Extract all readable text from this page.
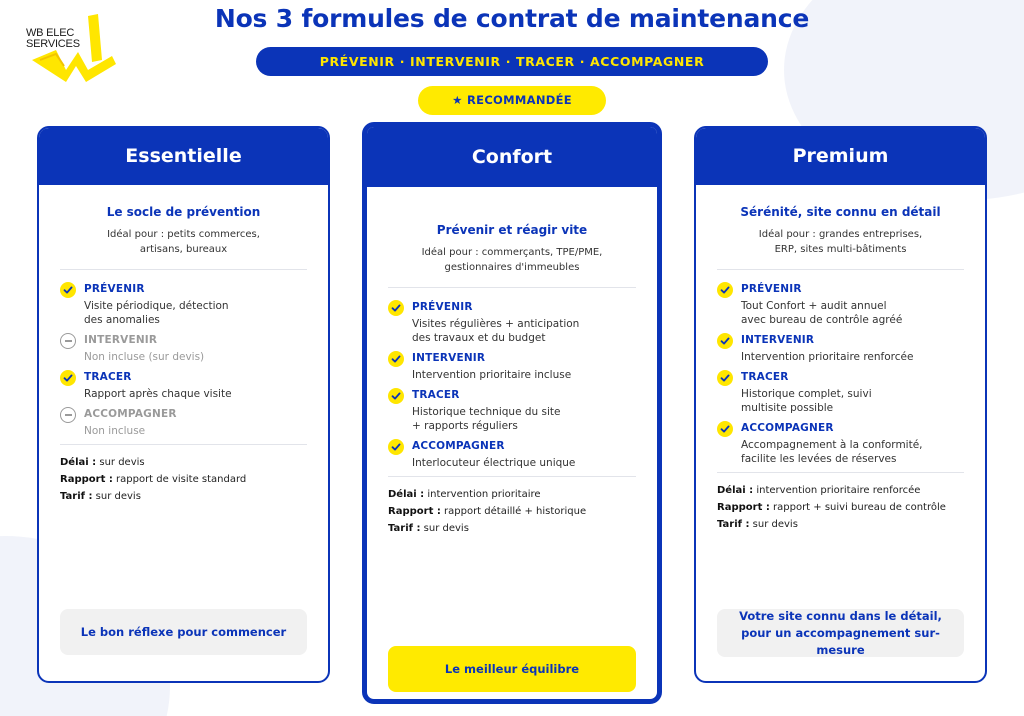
WB ELEC
SERVICES
Nos 3 formules de contrat de maintenance
PRÉVENIR · INTERVENIR · TRACER · ACCOMPAGNER
★ RECOMMANDÉE
Essentielle
Le socle de prévention
Idéal pour : petits commerces,
artisans, bureaux
PRÉVENIR
Visite périodique, détection
des anomalies
INTERVENIR
Non incluse (sur devis)
TRACER
Rapport après chaque visite
ACCOMPAGNER
Non incluse
Délai : sur devis
Rapport : rapport de visite standard
Tarif : sur devis
Le bon réflexe pour commencer
Confort
Prévenir et réagir vite
Idéal pour : commerçants, TPE/PME,
gestionnaires d'immeubles
PRÉVENIR
Visites régulières + anticipation
des travaux et du budget
INTERVENIR
Intervention prioritaire incluse
TRACER
Historique technique du site
+ rapports réguliers
ACCOMPAGNER
Interlocuteur électrique unique
Délai : intervention prioritaire
Rapport : rapport détaillé + historique
Tarif : sur devis
Le meilleur équilibre
Premium
Sérénité, site connu en détail
Idéal pour : grandes entreprises,
ERP, sites multi-bâtiments
PRÉVENIR
Tout Confort + audit annuel
avec bureau de contrôle agréé
INTERVENIR
Intervention prioritaire renforcée
TRACER
Historique complet, suivi
multisite possible
ACCOMPAGNER
Accompagnement à la conformité,
facilite les levées de réserves
Délai : intervention prioritaire renforcée
Rapport : rapport + suivi bureau de contrôle
Tarif : sur devis
Votre site connu dans le détail,
pour un accompagnement sur-mesure
